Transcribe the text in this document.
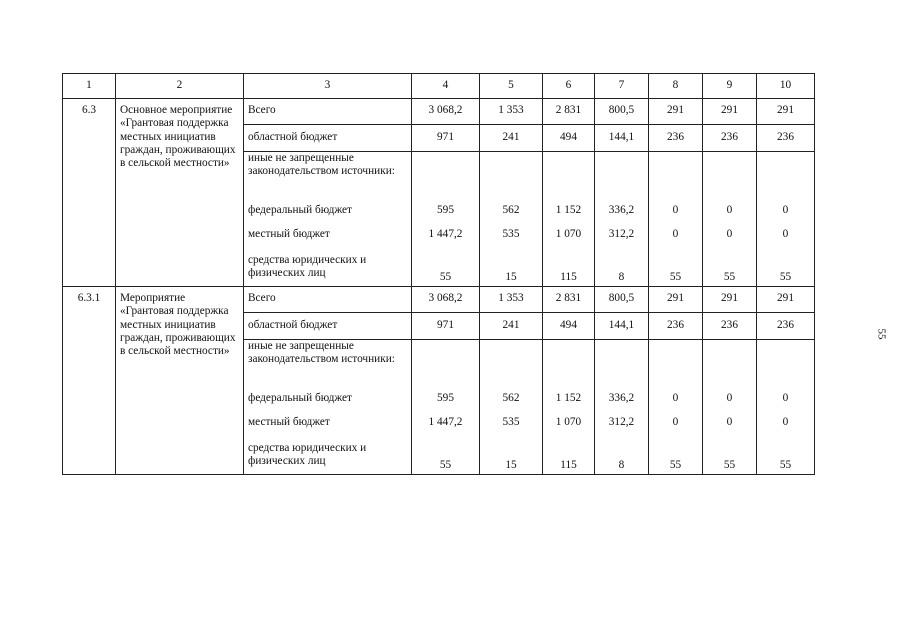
1	2	3	4	5	6	7	8	9	10
6.3	Основное мероприятие «Грантовая поддержка местных инициатив граждан, проживающих в сельской местности»	Всего	3 068,2	1 353	2 831	800,5	291	291	291
		областной бюджет	971	241	494	144,1	236	236	236
		иные не запрещенные законодательством источники:							
		федеральный бюджет	595	562	1 152	336,2	0	0	0
		местный бюджет	1 447,2	535	1 070	312,2	0	0	0
		средства юридических и физических лиц	55	15	115	8	55	55	55
6.3.1	Мероприятие «Грантовая поддержка местных инициатив граждан, проживающих в сельской местности»	Всего	3 068,2	1 353	2 831	800,5	291	291	291
		областной бюджет	971	241	494	144,1	236	236	236
		иные не запрещенные законодательством источники:							
		федеральный бюджет	595	562	1 152	336,2	0	0	0
		местный бюджет	1 447,2	535	1 070	312,2	0	0	0
		средства юридических и физических лиц	55	15	115	8	55	55	55
55
